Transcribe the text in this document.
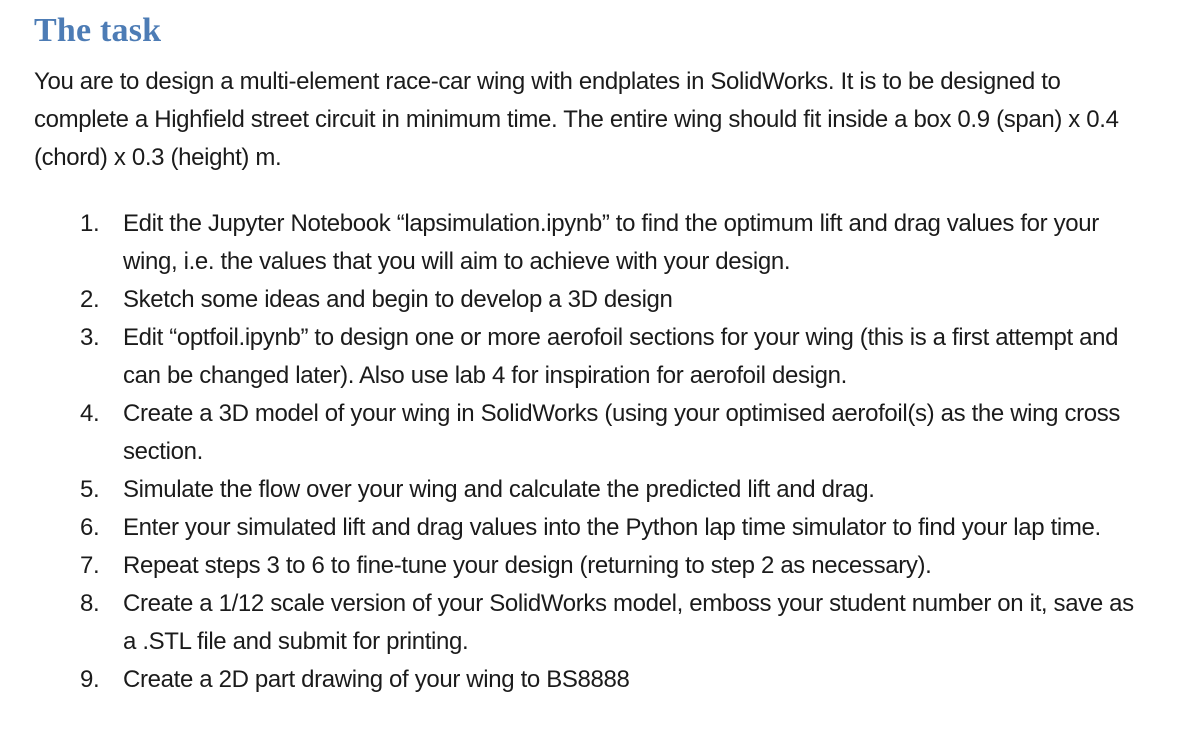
The task

You are to design a multi-element race-car wing with endplates in SolidWorks. It is to be designed to complete a Highfield street circuit in minimum time. The entire wing should fit inside a box 0.9 (span) x 0.4 (chord) x 0.3 (height) m.

1. Edit the Jupyter Notebook “lapsimulation.ipynb” to find the optimum lift and drag values for your wing, i.e. the values that you will aim to achieve with your design.
2. Sketch some ideas and begin to develop a 3D design
3. Edit “optfoil.ipynb” to design one or more aerofoil sections for your wing (this is a first attempt and can be changed later). Also use lab 4 for inspiration for aerofoil design.
4. Create a 3D model of your wing in SolidWorks (using your optimised aerofoil(s) as the wing cross section.
5. Simulate the flow over your wing and calculate the predicted lift and drag.
6. Enter your simulated lift and drag values into the Python lap time simulator to find your lap time.
7. Repeat steps 3 to 6 to fine-tune your design (returning to step 2 as necessary).
8. Create a 1/12 scale version of your SolidWorks model, emboss your student number on it, save as a .STL file and submit for printing.
9. Create a 2D part drawing of your wing to BS8888
